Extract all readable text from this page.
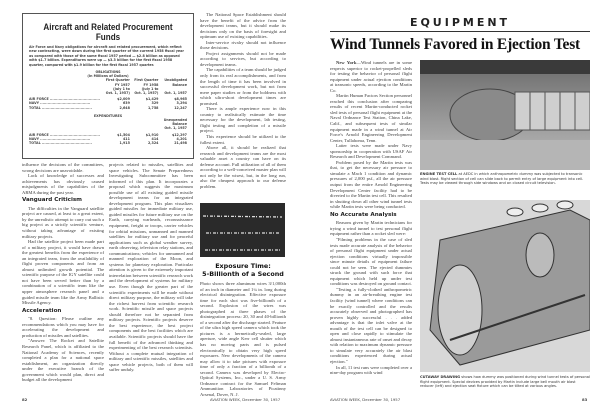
Aircraft and Related Procurement Funds
Air Force and Navy obligations for aircraft and related procurement, which reflect new contracting, were down during the first quarter of the current 1958 fiscal year as compared with those of the same fiscal 1957 period — $2.8 billion as opposed with $1.7 billion. Expenditures were up — $3.3 billion for the first fiscal 1958 quarter, compared with $1.9 billion for the first fiscal 1957 quarter.
OBLIGATIONS
(In Millions of Dollars)
First Quarter
FY 1957
(July 1 to
Oct. 1, 1957)
First Quarter
FY 1958
(July 1 to
Oct. 1, 1957)
Unobligated
Balance

Oct. 1, 1957
AIR FORCE ........................................	$2,009	$1,429	$8,965
NAVY ........................................	639	329	3,294
TOTAL ........................................	2,648	1,758	12,247
EXPENDITURES
Unexpended
Balance
Oct. 1, 1957
AIR FORCE ........................................	$1,504	$1,910	$12,297
NAVY ........................................	411	414	4,201
TOTAL ........................................	1,915	2,324	21,498

influence the decisions of the committees, wrong decisions are unavoidable.

Lack of knowledge of successes and achievements has obviously caused misjudgments of the capabilities of the ARMA during the past year.

Vanguard Criticism

The difficulties in the Vanguard satellite project are caused, at least to a great extent, by the unrealistic attempt to carry out such a big project as a strictly scientific venture, without taking advantage of existing military projects.

Had the satellite project been made part of a military project, it would have drawn the greatest benefits from the experience of an integrated team, from the availability of flight proven components and from an almost unlimited growth potential. The scientific purpose of the IGY satellite could not have been served better than by a combination of a scientific team like the upper atmosphere research panel and a guided missile team like the Army Ballistic Missile Agency.

Acceleration

"8. Question: Please outline any recommendations which you may have for accelerating the development and production of missiles and satellites.

"Answer: The Rocket and Satellite Research Panel, which is affiliated to the National Academy of Sciences, recently completed a plan for a national space establishment, an organization directly under the executive branch of the government which would plan, direct and budget all the development

projects related to missiles, satellites and space vehicles. The Senate Preparedness Investigating Subcommittee has been informed of this plan. It incorporates a proposal which suggests the maximum possible use of all existing guided missile development teams for an integrated development program. This plan visualizes guided missiles for immediate military use, guided missiles for future military use on the Earth, carrying warheads, reconnaissance equipment, freight or troops, carrier vehicles for orbital missions, unmanned and manned satellites for military use and for peaceful applications such as global weather survey, earth observing, television relay stations, and communications; vehicles for unmanned and manned exploration of the Moon, and systems for planetary exploration. Particular attention is given to the extremely important interrelation between scientific research work and the development of systems for military use. Even though the greater part of the scientific experiments will be made without direct military purpose, the military will take the richest harvest from scientific research work. Scientific missile and space projects should therefore not be separated from military projects. Scientific projects deserve the best experience, the best project components and the best facilities which are available. Scientific projects should have the full benefit of the advanced thinking and experimenting of the best research scientists. Without a complete mutual integration of military and scientific missiles, satellites and space vehicle projects, both of them will suffer unduly.

The National Space Establishment should have the benefit of the advice from the development teams, but it should make its decisions only on the basis of foresight and optimum use of existing capabilities.

Inter-service rivalry should not influence those decisions.

Project assignments should not be made according to services, but according to development teams.

The capabilities of a team should be judged only from its real accomplishments, and from the length of time it has been involved in successful development work, but not from mere paper studies or from the boldness with which ultra-short development times are promised.

There is ample experience now in this country to realistically estimate the time necessary for the development, lab testing, flight testing and completion of a missile project.

This experience should be utilized to the fullest extent.

Above all, it should be realized that research and development teams are the most valuable asset a country can have on its defense account. Full utilization of all of them according to a well-conceived master plan will not only be the wisest, but, in the long run, also the cheapest approach to our defense problem.

Exposure Time:
5-Billionth of a Second
Photo shows three aluminum wires 3/1,000th of an inch in diameter and 1¼ in. long during electrical disintegration. Effective exposure time for each shot was five-billionth of a second. Explosion of the wires was photographed at three phases of the disintegration process: 20, 30 and 40-billionth of a second after the discharge started. Feature of the ultra high speed camera which took the pictures is a hermetically-sealed, large aperture, wide angle Kerr cell shutter which has no moving parts and is pulsed electronically to obtain very high speed exposures. New developments of the camera may allow it to take pictures with exposure time of only a fraction of a billionth of a second. Camera was developed by Electro-Optical Systems, Inc., under a U. S. Army Ordnance contract for the Samuel Feltman Ammunition Laboratories of Picatinny Arsenal, Dover, N. J.
AVIATION WEEK, December 30, 1957
82
EQUIPMENT
Wind Tunnels Favored in Ejection Test

New York—Wind tunnels are in some respects superior to rocket-propelled sleds for testing the behavior of personal flight equipment under actual ejection conditions at transonic speeds, according to the Martin Co.

Martin Human Factors Section personnel reached this conclusion after comparing results of recent Martin-conducted rocket sled tests of personal flight equipment at the Naval Ordnance Test Station, China Lake, Calif., and subsequent tests of similar equipment made in a wind tunnel at Air Force's Arnold Engineering Development Center, Tullahoma, Tenn.

Latter tests were made under Navy sponsorship in cooperation with USAF Air Research and Development Command.

Problem posed by the Martin tests was that, to get the necessary air pressure to simulate a Mach 1 condition and dynamic pressures of 2,000 psf., all the air pressure output from the entire Arnold Engineering Development Center facility had to be diverted to the Martin test cell. This resulted in shutting down all other wind tunnel tests while Martin tests were being conducted.

No Accurate Analysis

Reasons given by Martin technicians for trying a wind tunnel to test personal flight equipment rather than a rocket sled were:

"Filming problems in the case of sled tests made accurate analysis of the behavior of personal flight equipment under actual ejection conditions virtually impossible since minute details of equipment failure could not be seen. The ejected dummies struck the ground with such force that equipment which held up under test conditions was destroyed on ground contact.

"Testing a fully-clothed anthropometric dummy in an air-breathing engine test facility (wind tunnel) where conditions can be exactly controlled and the results accurately observed and photographed has proven highly successful . . . added advantage is that the inlet valve at the mouth of the test cell can be designed to open and close rapidly to stimulate the almost instantaneous rate of onset and decay with relation to maximum dynamic pressure to simulate very accurately the air blast conditions experienced during actual ejection."

In all, 11 test runs were completed over a nine-day program with wind

ENGINE TEST CELL at AEDC in which anthropometric dummy was subjected to transonic wind blast. Right section of cell can slide back to permit entry of large equipment into cell. Tests may be viewed through side windows and on closed circuit television.
CUTAWAY DRAWING shows how dummy was positioned during wind tunnel tests of personal flight equipment. Special devices provided by Martin include large bell mouth air blast reducer (left) and ejection seat fixture which can be tilted at various angles.
AVIATION WEEK, December 30, 1957	83
